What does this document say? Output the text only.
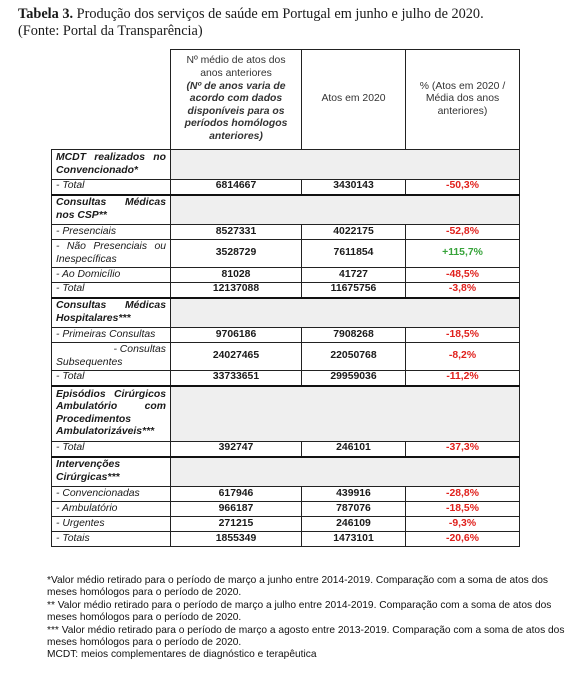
Tabela 3. Produção dos serviços de saúde em Portugal em junho e julho de 2020.
(Fonte: Portal da Transparência)
	Nº médio de atos dos
anos anteriores
(Nº de anos varia de acordo com dados disponíveis para os períodos homólogos anteriores)	Atos em 2020	% (Atos em 2020 / Média dos anos anteriores)

MCDT realizados no
Convencionado*			

- Total	6814667	3430143	-50,3%

Consultas Médicas
nos CSP**			

- Presenciais	8527331	4022175	-52,8%

- Não Presenciais ou
Inespecíficas	3528729	7611854	+115,7%
- Ao Domicílio	81028	41727	-48,5%
- Total	12137088	11675756	-3,8%

Consultas Médicas
Hospitalares***			

- Primeiras Consultas	9706186	7908268	-18,5%

- Consultas
Subsequentes	24027465	22050768	-8,2%
- Total	33733651	29959036	-11,2%

Episódios Cirúrgicos
Ambulatório com
Procedimentos
Ambulatorizáveis***			

- Total	392747	246101	-37,3%

Intervenções
Cirúrgicas***			

- Convencionadas	617946	439916	-28,8%
- Ambulatório	966187	787076	-18,5%
- Urgentes	271215	246109	-9,3%
- Totais	1855349	1473101	-20,6%
*Valor médio retirado para o período de março a junho entre 2014-2019. Comparação com a soma de atos dos meses homólogos para o período de 2020.
** Valor médio retirado para o período de março a julho entre 2014-2019. Comparação com a soma de atos dos meses homólogos para o período de 2020.
*** Valor médio retirado para o período de março a agosto entre 2013-2019. Comparação com a soma de atos dos meses homólogos para o período de 2020.
MCDT: meios complementares de diagnóstico e terapêutica
